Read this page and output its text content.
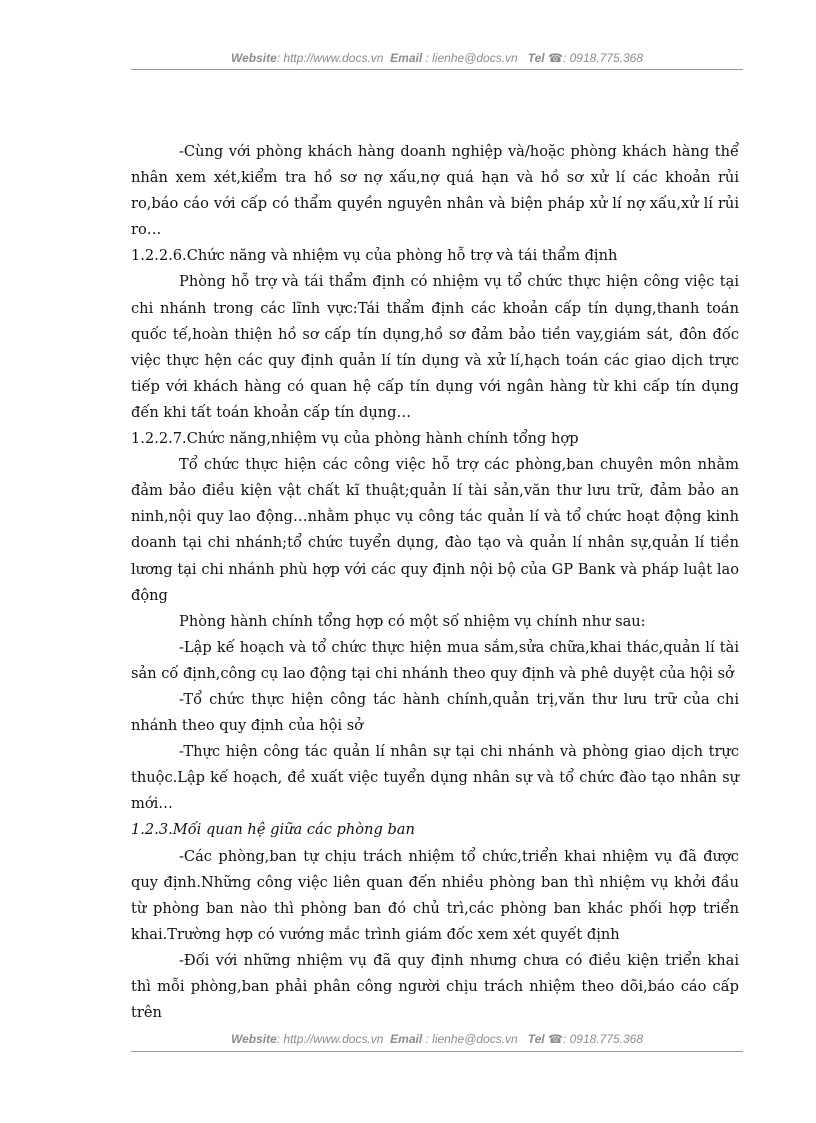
Website: http://www.docs.vn Email : lienhe@docs.vn Tel ☎: 0918.775.368

-Cùng với phòng khách hàng doanh nghiệp và/hoặc phòng khách hàng thể nhân xem xét,kiểm tra hồ sơ nợ xấu,nợ quá hạn và hồ sơ xử lí các khoản rủi ro,báo cáo với cấp có thẩm quyền nguyên nhân và biện pháp xử lí nợ xấu,xử lí rủi ro…

1.2.2.6.Chức năng và nhiệm vụ của phòng hỗ trợ và tái thẩm định

Phòng hỗ trợ và tái thẩm định có nhiệm vụ tổ chức thực hiện công việc tại chi nhánh trong các lĩnh vực:Tái thẩm định các khoản cấp tín dụng,thanh toán quốc tế,hoàn thiện hồ sơ cấp tín dụng,hồ sơ đảm bảo tiền vay,giám sát, đôn đốc việc thực hện các quy định quản lí tín dụng và xử lí,hạch toán các giao dịch trực tiếp với khách hàng có quan hệ cấp tín dụng với ngân hàng từ khi cấp tín dụng đến khi tất toán khoản cấp tín dụng…

1.2.2.7.Chức năng,nhiệm vụ của phòng hành chính tổng hợp

Tổ chức thực hiện các công việc hỗ trợ các phòng,ban chuyên môn nhằm đảm bảo điều kiện vật chất kĩ thuật;quản lí tài sản,văn thư lưu trữ, đảm bảo an ninh,nội quy lao động…nhằm phục vụ công tác quản lí và tổ chức hoạt động kinh doanh tại chi nhánh;tổ chức tuyển dụng, đào tạo và quản lí nhân sự,quản lí tiền lương tại chi nhánh phù hợp với các quy định nội bộ của GP Bank và pháp luật lao động

Phòng hành chính tổng hợp có một số nhiệm vụ chính như sau:

-Lập kế hoạch và tổ chức thực hiện mua sắm,sửa chữa,khai thác,quản lí tài sản cố định,công cụ lao động tại chi nhánh theo quy định và phê duyệt của hội sở

-Tổ chức thực hiện công tác hành chính,quản trị,văn thư lưu trữ của chi nhánh theo quy định của hội sở

-Thực hiện công tác quản lí nhân sự tại chi nhánh và phòng giao dịch trực thuộc.Lập kế hoạch, đề xuất việc tuyển dụng nhân sự và tổ chức đào tạo nhân sự mới…

1.2.3.Mối quan hệ giữa các phòng ban

-Các phòng,ban tự chịu trách nhiệm tổ chức,triển khai nhiệm vụ đã được quy định.Những công việc liên quan đến nhiều phòng ban thì nhiệm vụ khởi đầu từ phòng ban nào thì phòng ban đó chủ trì,các phòng ban khác phối hợp triển khai.Trường hợp có vướng mắc trình giám đốc xem xét quyết định

-Đối với những nhiệm vụ đã quy định nhưng chưa có điều kiện triển khai thì mỗi phòng,ban phải phân công người chịu trách nhiệm theo dõi,báo cáo cấp trên

Website: http://www.docs.vn Email : lienhe@docs.vn Tel ☎: 0918.775.368
